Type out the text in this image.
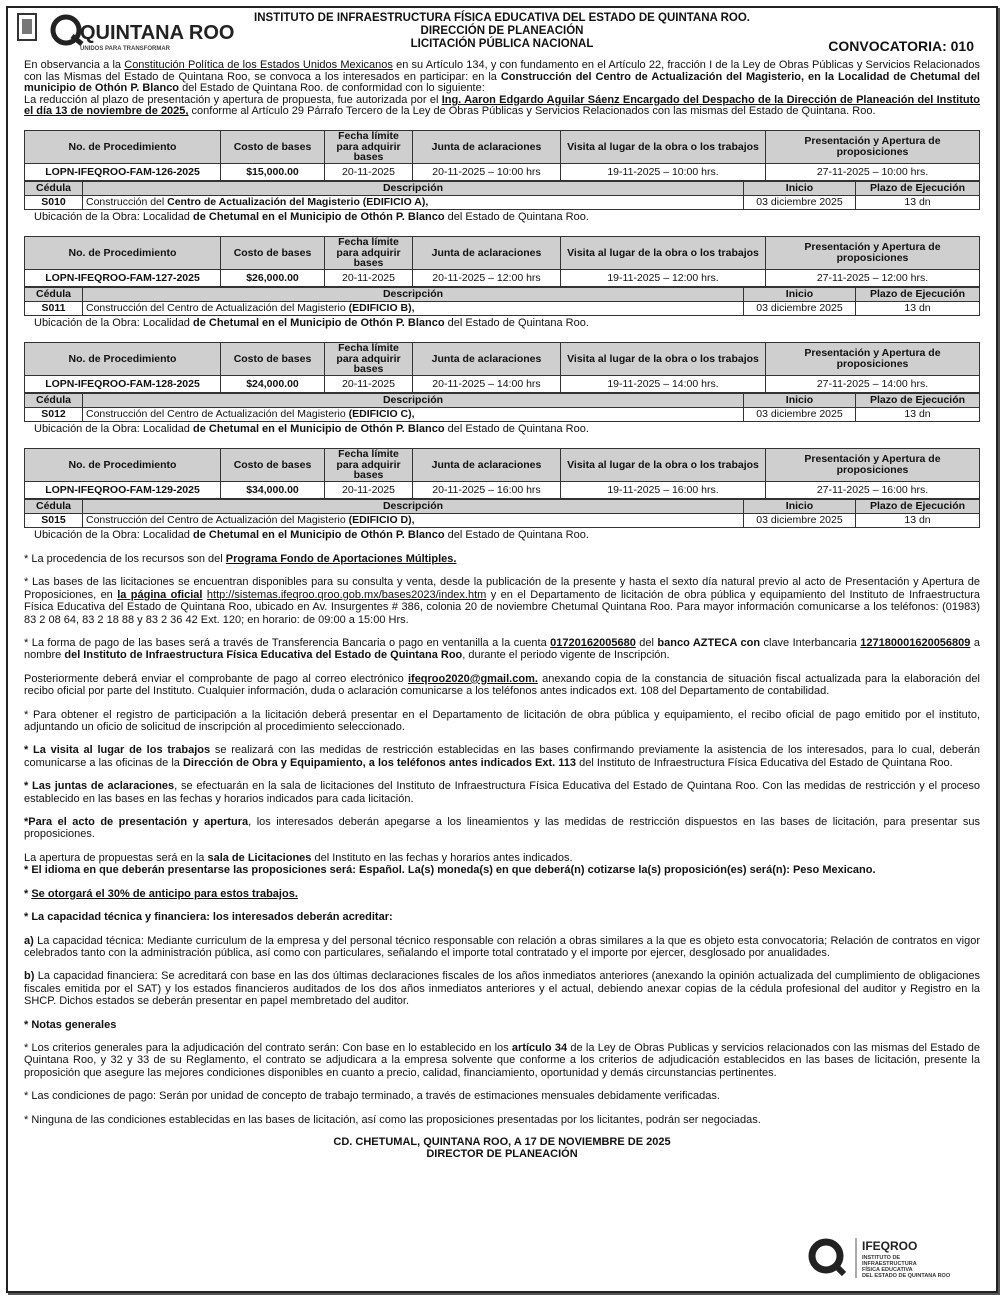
QUINTANA ROO
UNIDOS PARA TRANSFORMAR
INSTITUTO DE INFRAESTRUCTURA FÍSICA EDUCATIVA DEL ESTADO DE QUINTANA ROO.
DIRECCIÓN DE PLANEACIÓN
LICITACIÓN PÚBLICA NACIONAL	CONVOCATORIA: 010

En observancia a la Constitución Política de los Estados Unidos Mexicanos en su Artículo 134, y con fundamento en el Artículo 22, fracción I de la Ley de Obras Públicas y Servicios Relacionados con las Mismas del Estado de Quintana Roo, se convoca a los interesados en participar: en la Construcción del Centro de Actualización del Magisterio, en la Localidad de Chetumal del municipio de Othón P. Blanco del Estado de Quintana Roo. de conformidad con lo siguiente:

La reducción al plazo de presentación y apertura de propuesta, fue autorizada por el Ing. Aaron Edgardo Aguilar Sáenz Encargado del Despacho de la Dirección de Planeación del Instituto el día 13 de noviembre de 2025, conforme al Artículo 29 Párrafo Tercero de la Ley de Obras Públicas y Servicios Relacionados con las mismas del Estado de Quintana. Roo.

No. de Procedimiento	Costo de bases	Fecha límite para adquirir bases	Junta de aclaraciones	Visita al lugar de la obra o los trabajos	Presentación y Apertura de proposiciones
LOPN-IFEQROO-FAM-126-2025	$15,000.00	20-11-2025	20-11-2025 – 10:00 hrs	19-11-2025 – 10:00 hrs.	27-11-2025 – 10:00 hrs.
Cédula	Descripción	Inicio	Plazo de Ejecución
S010	Construcción del Centro de Actualización del Magisterio (EDIFICIO A),	03 diciembre 2025	13 dn
Ubicación de la Obra: Localidad de Chetumal en el Municipio de Othón P. Blanco del Estado de Quintana Roo.
No. de Procedimiento	Costo de bases	Fecha límite para adquirir bases	Junta de aclaraciones	Visita al lugar de la obra o los trabajos	Presentación y Apertura de proposiciones
LOPN-IFEQROO-FAM-127-2025	$26,000.00	20-11-2025	20-11-2025 – 12:00 hrs	19-11-2025 – 12:00 hrs.	27-11-2025 – 12:00 hrs.
Cédula	Descripción	Inicio	Plazo de Ejecución
S011	Construcción del Centro de Actualización del Magisterio (EDIFICIO B),	03 diciembre 2025	13 dn
Ubicación de la Obra: Localidad de Chetumal en el Municipio de Othón P. Blanco del Estado de Quintana Roo.
No. de Procedimiento	Costo de bases	Fecha límite para adquirir bases	Junta de aclaraciones	Visita al lugar de la obra o los trabajos	Presentación y Apertura de proposiciones
LOPN-IFEQROO-FAM-128-2025	$24,000.00	20-11-2025	20-11-2025 – 14:00 hrs	19-11-2025 – 14:00 hrs.	27-11-2025 – 14:00 hrs.
Cédula	Descripción	Inicio	Plazo de Ejecución
S012	Construcción del Centro de Actualización del Magisterio (EDIFICIO C),	03 diciembre 2025	13 dn
Ubicación de la Obra: Localidad de Chetumal en el Municipio de Othón P. Blanco del Estado de Quintana Roo.
No. de Procedimiento	Costo de bases	Fecha límite para adquirir bases	Junta de aclaraciones	Visita al lugar de la obra o los trabajos	Presentación y Apertura de proposiciones
LOPN-IFEQROO-FAM-129-2025	$34,000.00	20-11-2025	20-11-2025 – 16:00 hrs	19-11-2025 – 16:00 hrs.	27-11-2025 – 16:00 hrs.
Cédula	Descripción	Inicio	Plazo de Ejecución
S015	Construcción del Centro de Actualización del Magisterio (EDIFICIO D),	03 diciembre 2025	13 dn
Ubicación de la Obra: Localidad de Chetumal en el Municipio de Othón P. Blanco del Estado de Quintana Roo.

* La procedencia de los recursos son del Programa Fondo de Aportaciones Múltiples.

* Las bases de las licitaciones se encuentran disponibles para su consulta y venta, desde la publicación de la presente y hasta el sexto día natural previo al acto de Presentación y Apertura de Proposiciones, en la página oficial http://sistemas.ifeqroo.qroo.gob.mx/bases2023/index.htm y en el Departamento de licitación de obra pública y equipamiento del Instituto de Infraestructura Física Educativa del Estado de Quintana Roo, ubicado en Av. Insurgentes # 386, colonia 20 de noviembre Chetumal Quintana Roo. Para mayor información comunicarse a los teléfonos: (01983) 83 2 08 64, 83 2 18 88 y 83 2 36 42 Ext. 120; en horario: de 09:00 a 15:00 Hrs.

* La forma de pago de las bases será a través de Transferencia Bancaria o pago en ventanilla a la cuenta 01720162005680 del banco AZTECA con clave Interbancaria 127180001620056809 a nombre del Instituto de Infraestructura Física Educativa del Estado de Quintana Roo, durante el periodo vigente de Inscripción.

Posteriormente deberá enviar el comprobante de pago al correo electrónico ifeqroo2020@gmail.com. anexando copia de la constancia de situación fiscal actualizada para la elaboración del recibo oficial por parte del Instituto. Cualquier información, duda o aclaración comunicarse a los teléfonos antes indicados ext. 108 del Departamento de contabilidad.

* Para obtener el registro de participación a la licitación deberá presentar en el Departamento de licitación de obra pública y equipamiento, el recibo oficial de pago emitido por el instituto, adjuntando un oficio de solicitud de inscripción al procedimiento seleccionado.

* La visita al lugar de los trabajos se realizará con las medidas de restricción establecidas en las bases confirmando previamente la asistencia de los interesados, para lo cual, deberán comunicarse a las oficinas de la Dirección de Obra y Equipamiento, a los teléfonos antes indicados Ext. 113 del Instituto de Infraestructura Física Educativa del Estado de Quintana Roo.

* Las juntas de aclaraciones, se efectuarán en la sala de licitaciones del Instituto de Infraestructura Física Educativa del Estado de Quintana Roo. Con las medidas de restricción y el proceso establecido en las bases en las fechas y horarios indicados para cada licitación.

*Para el acto de presentación y apertura, los interesados deberán apegarse a los lineamientos y las medidas de restricción dispuestos en las bases de licitación, para presentar sus proposiciones.

La apertura de propuestas será en la sala de Licitaciones del Instituto en las fechas y horarios antes indicados.

* El idioma en que deberán presentarse las proposiciones será: Español. La(s) moneda(s) en que deberá(n) cotizarse la(s) proposición(es) será(n): Peso Mexicano.

* Se otorgará el 30% de anticipo para estos trabajos.

* La capacidad técnica y financiera: los interesados deberán acreditar:

a) La capacidad técnica: Mediante curriculum de la empresa y del personal técnico responsable con relación a obras similares a la que es objeto esta convocatoria; Relación de contratos en vigor celebrados tanto con la administración pública, así como con particulares, señalando el importe total contratado y el importe por ejercer, desglosado por anualidades.

b) La capacidad financiera: Se acreditará con base en las dos últimas declaraciones fiscales de los años inmediatos anteriores (anexando la opinión actualizada del cumplimiento de obligaciones fiscales emitida por el SAT) y los estados financieros auditados de los dos años inmediatos anteriores y el actual, debiendo anexar copias de la cédula profesional del auditor y Registro en la SHCP. Dichos estados se deberán presentar en papel membretado del auditor.

* Notas generales

* Los criterios generales para la adjudicación del contrato serán: Con base en lo establecido en los artículo 34 de la Ley de Obras Publicas y servicios relacionados con las mismas del Estado de Quintana Roo, y 32 y 33 de su Reglamento, el contrato se adjudicara a la empresa solvente que conforme a los criterios de adjudicación establecidos en las bases de licitación, presente la proposición que asegure las mejores condiciones disponibles en cuanto a precio, calidad, financiamiento, oportunidad y demás circunstancias pertinentes.

* Las condiciones de pago: Serán por unidad de concepto de trabajo terminado, a través de estimaciones mensuales debidamente verificadas.

* Ninguna de las condiciones establecidas en las bases de licitación, así como las proposiciones presentadas por los licitantes, podrán ser negociadas.

CD. CHETUMAL, QUINTANA ROO, A 17 DE NOVIEMBRE DE 2025
DIRECTOR DE PLANEACIÓN
IFEQROO
INSTITUTO DE
INFRAESTRUCTURA
FÍSICA EDUCATIVA
DEL ESTADO DE QUINTANA ROO
